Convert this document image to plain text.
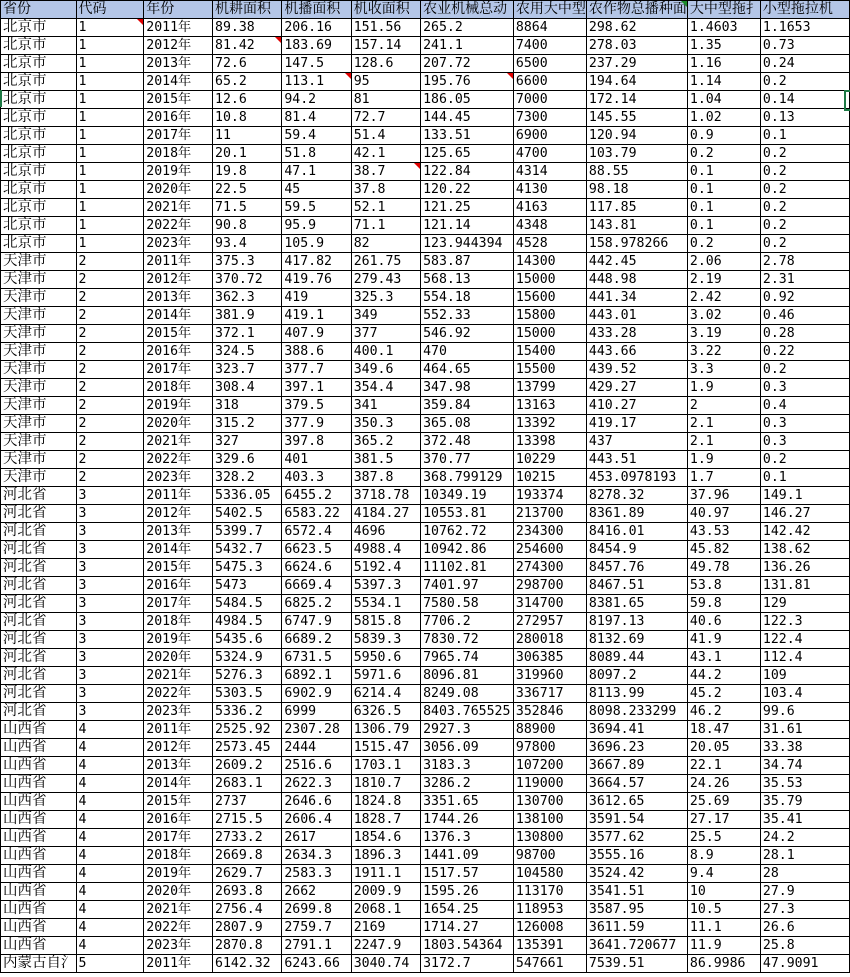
省份	代码	年份	机耕面积	机播面积	机收面积	农业机械总动	农用大中型	农作物总播种面	大中型拖扌	小型拖拉机
北京市	1	2011年	89.38	206.16	151.56	265.2	8864	298.62	1.4603	1.1653
北京市	1	2012年	81.42	183.69	157.14	241.1	7400	278.03	1.35	0.73
北京市	1	2013年	72.6	147.5	128.6	207.72	6500	237.29	1.16	0.24
北京市	1	2014年	65.2	113.1	95	195.76	6600	194.64	1.14	0.2
北京市	1	2015年	12.6	94.2	81	186.05	7000	172.14	1.04	0.14
北京市	1	2016年	10.8	81.4	72.7	144.45	7300	145.55	1.02	0.13
北京市	1	2017年	11	59.4	51.4	133.51	6900	120.94	0.9	0.1
北京市	1	2018年	20.1	51.8	42.1	125.65	4700	103.79	0.2	0.2
北京市	1	2019年	19.8	47.1	38.7	122.84	4314	88.55	0.1	0.2
北京市	1	2020年	22.5	45	37.8	120.22	4130	98.18	0.1	0.2
北京市	1	2021年	71.5	59.5	52.1	121.25	4163	117.85	0.1	0.2
北京市	1	2022年	90.8	95.9	71.1	121.14	4348	143.81	0.1	0.2
北京市	1	2023年	93.4	105.9	82	123.944394	4528	158.978266	0.2	0.2
天津市	2	2011年	375.3	417.82	261.75	583.87	14300	442.45	2.06	2.78
天津市	2	2012年	370.72	419.76	279.43	568.13	15000	448.98	2.19	2.31
天津市	2	2013年	362.3	419	325.3	554.18	15600	441.34	2.42	0.92
天津市	2	2014年	381.9	419.1	349	552.33	15800	443.01	3.02	0.46
天津市	2	2015年	372.1	407.9	377	546.92	15000	433.28	3.19	0.28
天津市	2	2016年	324.5	388.6	400.1	470	15400	443.66	3.22	0.22
天津市	2	2017年	323.7	377.7	349.6	464.65	15500	439.52	3.3	0.2
天津市	2	2018年	308.4	397.1	354.4	347.98	13799	429.27	1.9	0.3
天津市	2	2019年	318	379.5	341	359.84	13163	410.27	2	0.4
天津市	2	2020年	315.2	377.9	350.3	365.08	13392	419.17	2.1	0.3
天津市	2	2021年	327	397.8	365.2	372.48	13398	437	2.1	0.3
天津市	2	2022年	329.6	401	381.5	370.77	10229	443.51	1.9	0.2
天津市	2	2023年	328.2	403.3	387.8	368.799129	10215	453.0978193	1.7	0.1
河北省	3	2011年	5336.05	6455.2	3718.78	10349.19	193374	8278.32	37.96	149.1
河北省	3	2012年	5402.5	6583.22	4184.27	10553.81	213700	8361.89	40.97	146.27
河北省	3	2013年	5399.7	6572.4	4696	10762.72	234300	8416.01	43.53	142.42
河北省	3	2014年	5432.7	6623.5	4988.4	10942.86	254600	8454.9	45.82	138.62
河北省	3	2015年	5475.3	6624.6	5192.4	11102.81	274300	8457.76	49.78	136.26
河北省	3	2016年	5473	6669.4	5397.3	7401.97	298700	8467.51	53.8	131.81
河北省	3	2017年	5484.5	6825.2	5534.1	7580.58	314700	8381.65	59.8	129
河北省	3	2018年	4984.5	6747.9	5815.8	7706.2	272957	8197.13	40.6	122.3
河北省	3	2019年	5435.6	6689.2	5839.3	7830.72	280018	8132.69	41.9	122.4
河北省	3	2020年	5324.9	6731.5	5950.6	7965.74	306385	8089.44	43.1	112.4
河北省	3	2021年	5276.3	6892.1	5971.6	8096.81	319960	8097.2	44.2	109
河北省	3	2022年	5303.5	6902.9	6214.4	8249.08	336717	8113.99	45.2	103.4
河北省	3	2023年	5336.2	6999	6326.5	8403.765525	352846	8098.233299	46.2	99.6
山西省	4	2011年	2525.92	2307.28	1306.79	2927.3	88900	3694.41	18.47	31.61
山西省	4	2012年	2573.45	2444	1515.47	3056.09	97800	3696.23	20.05	33.38
山西省	4	2013年	2609.2	2516.6	1703.1	3183.3	107200	3667.89	22.1	34.74
山西省	4	2014年	2683.1	2622.3	1810.7	3286.2	119000	3664.57	24.26	35.53
山西省	4	2015年	2737	2646.6	1824.8	3351.65	130700	3612.65	25.69	35.79
山西省	4	2016年	2715.5	2606.4	1828.7	1744.26	138100	3591.54	27.17	35.41
山西省	4	2017年	2733.2	2617	1854.6	1376.3	130800	3577.62	25.5	24.2
山西省	4	2018年	2669.8	2634.3	1896.3	1441.09	98700	3555.16	8.9	28.1
山西省	4	2019年	2629.7	2583.3	1911.1	1517.57	104580	3524.42	9.4	28
山西省	4	2020年	2693.8	2662	2009.9	1595.26	113170	3541.51	10	27.9
山西省	4	2021年	2756.4	2699.8	2068.1	1654.25	118953	3587.95	10.5	27.3
山西省	4	2022年	2807.9	2759.7	2169	1714.27	126008	3611.59	11.1	26.6
山西省	4	2023年	2870.8	2791.1	2247.9	1803.54364	135391	3641.720677	11.9	25.8
内蒙古自氵	5	2011年	6142.32	6243.66	3040.74	3172.7	547661	7539.51	86.9986	47.9091
